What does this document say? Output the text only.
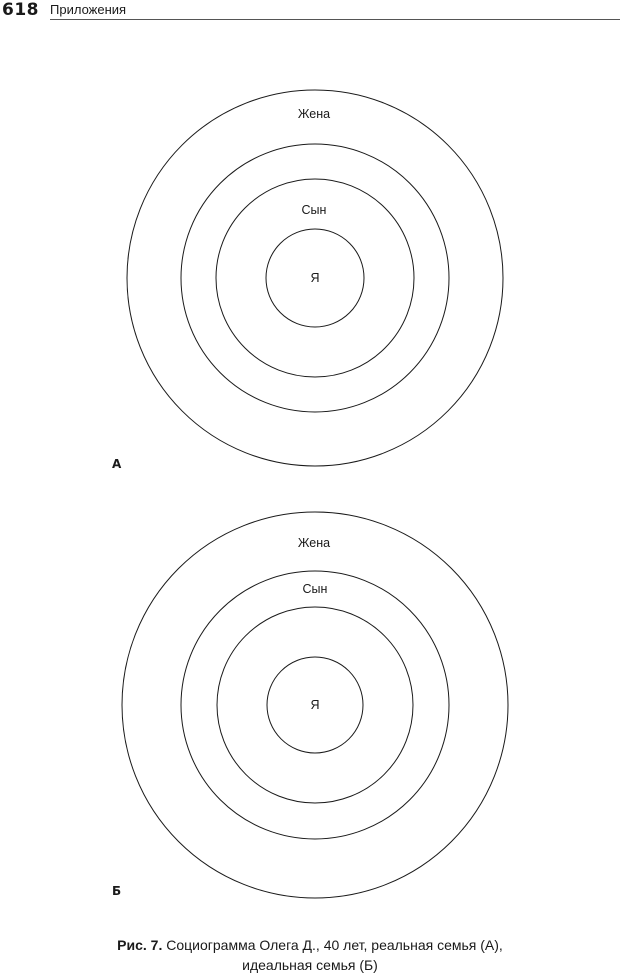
618 Приложения
Жена
Сын
Я
А
Жена
Сын
Я
Б
Рис. 7. Социограмма Олега Д., 40 лет, реальная семья (А),
идеальная семья (Б)
